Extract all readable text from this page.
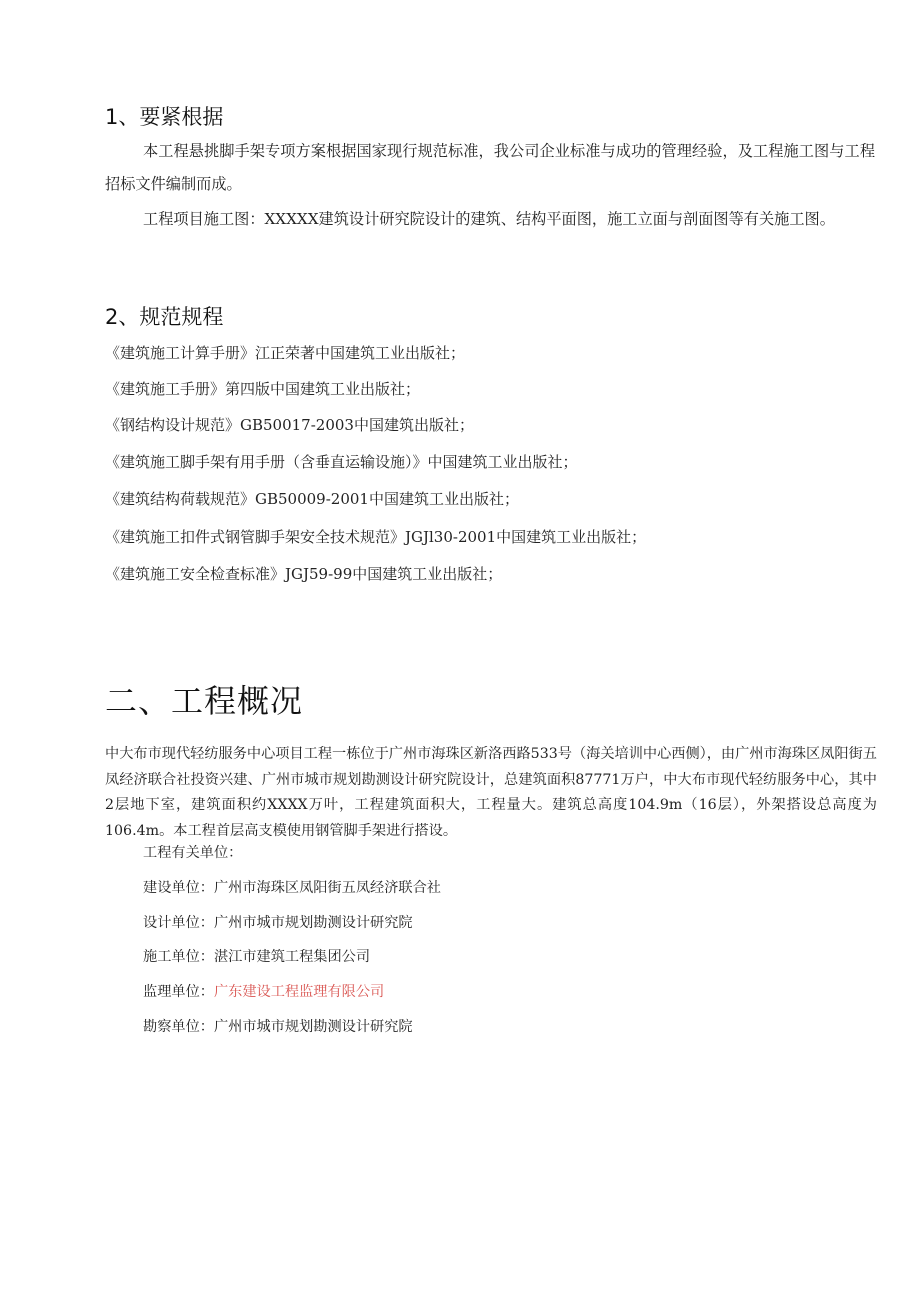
1、要紧根据
本工程悬挑脚手架专项方案根据国家现行规范标准，我公司企业标准与成功的管理经验，及工程施工图与工程招标文件编制而成。
工程项目施工图：XXXXX建筑设计研究院设计的建筑、结构平面图，施工立面与剖面图等有关施工图。
2、规范规程
《建筑施工计算手册》江正荣著中国建筑工业出版社；
《建筑施工手册》第四版中国建筑工业出版社；
《钢结构设计规范》GB50017-2003中国建筑出版社；
《建筑施工脚手架有用手册（含垂直运输设施）》中国建筑工业出版社；
《建筑结构荷载规范》GB50009-2001中国建筑工业出版社；
《建筑施工扣件式钢管脚手架安全技术规范》JGJl30-2001中国建筑工业出版社；
《建筑施工安全检查标准》JGJ59-99中国建筑工业出版社；
二、工程概况
中大布市现代轻纺服务中心项目工程一栋位于广州市海珠区新洛西路533号（海关培训中心西侧），由广州市海珠区凤阳街五凤经济联合社投资兴建、广州市城市规划勘测设计研究院设计，总建筑面积87771万户，中大布市现代轻纺服务中心，其中2层地下室，建筑面积约XXXX万叶，工程建筑面积大，工程量大。建筑总高度104.9m（16层），外架搭设总高度为106.4m。本工程首层高支模使用钢管脚手架进行搭设。
工程有关单位：
建设单位：广州市海珠区凤阳街五凤经济联合社
设计单位：广州市城市规划勘测设计研究院
施工单位：湛江市建筑工程集团公司
监理单位：广东建设工程监理有限公司
勘察单位：广州市城市规划勘测设计研究院
